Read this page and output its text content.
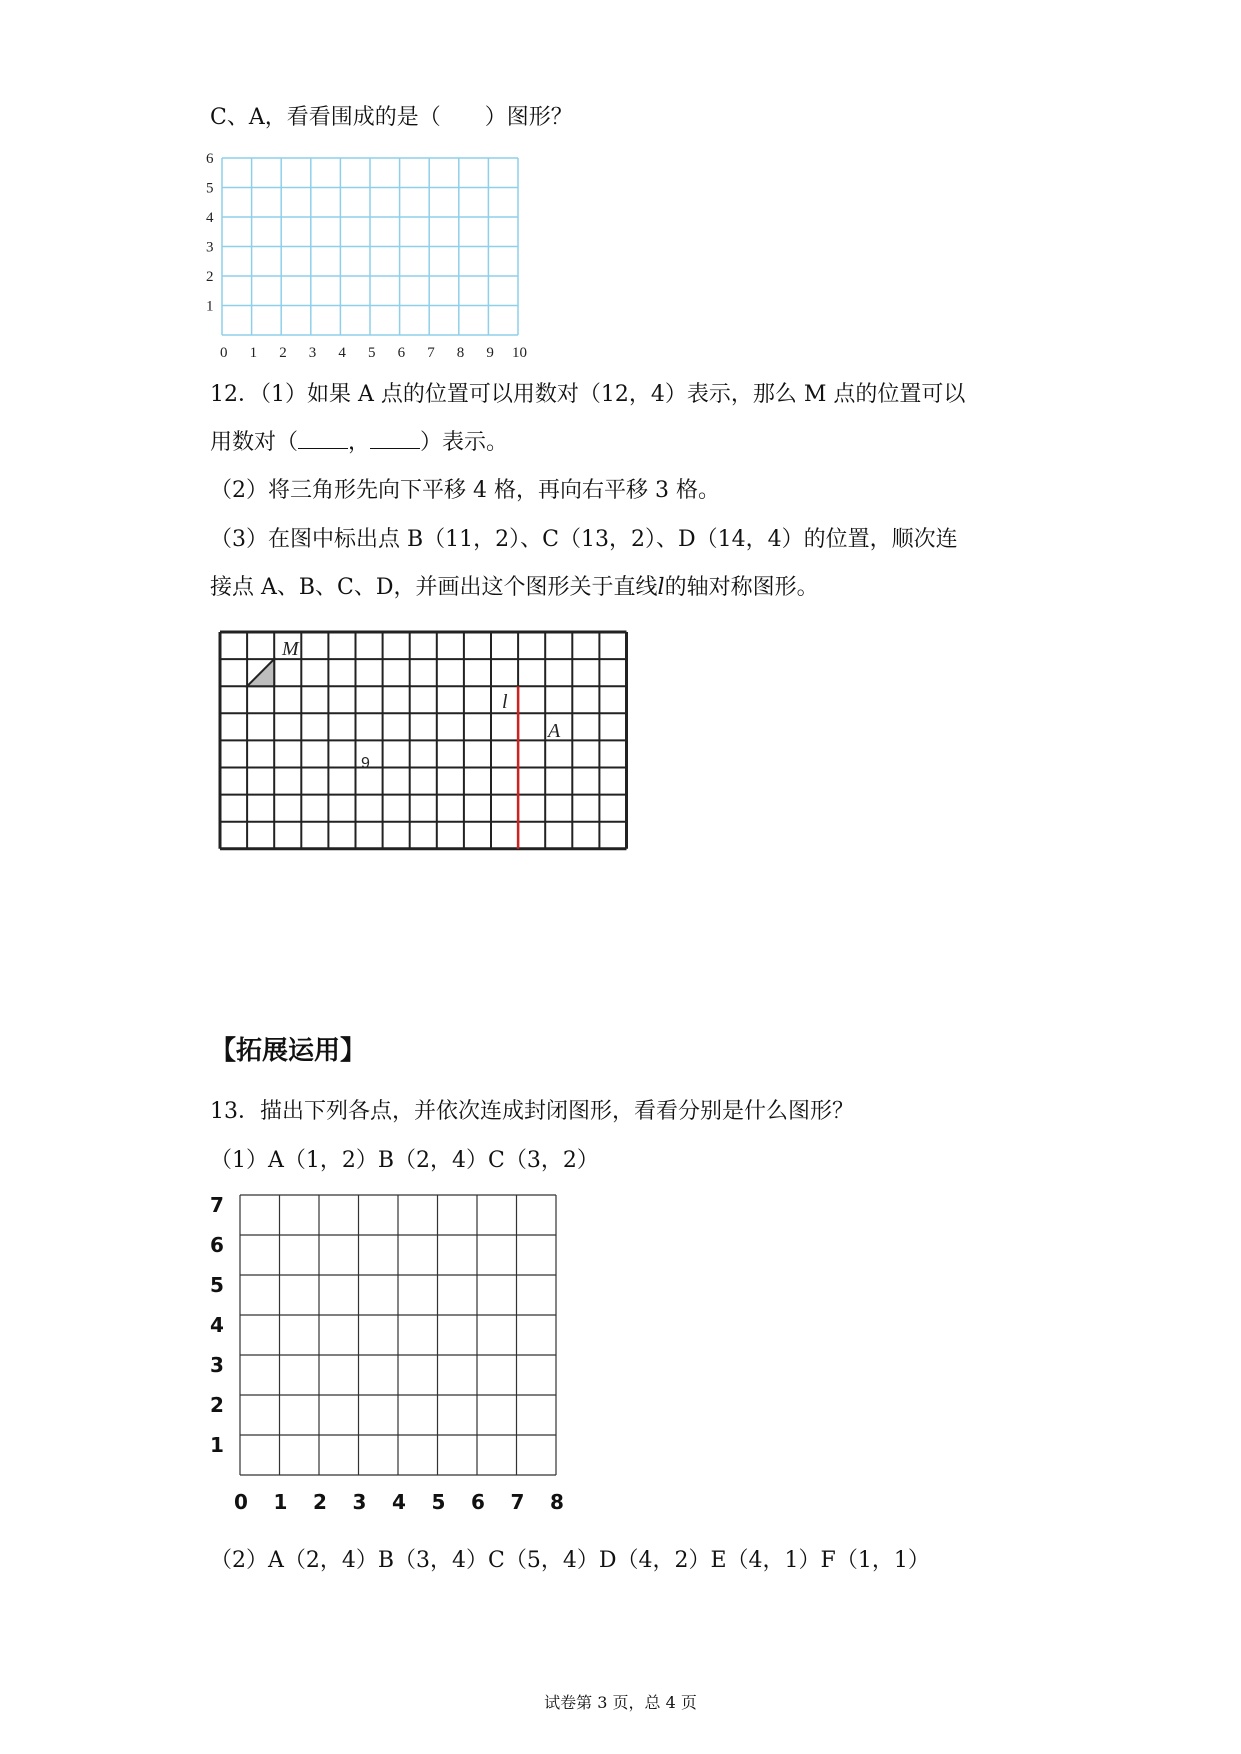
C、A，看看围成的是（　　）图形？
0 1 2 3 4 5 6 7 8 9 10
1
2
3
4
5
6
12．（1）如果 A 点的位置可以用数对（12，4）表示，那么 M 点的位置可以
用数对（ ， ）表示。
（2）将三角形先向下平移 4 格，再向右平移 3 格。
（3）在图中标出点 B（11，2）、C（13，2）、D（14，4）的位置，顺次连
接点 A、B、C、D，并画出这个图形关于直线l的轴对称图形。
M
l
A
9
【拓展运用】
13．描出下列各点，并依次连成封闭图形，看看分别是什么图形？
（1）A（1，2）B（2，4）C（3，2）
0 1 2 3 4 5 6 7 8
1
2
3
4
5
6
7
（2）A（2，4）B（3，4）C（5，4）D（4，2）E（4，1）F（1，1）
试卷第 3 页，总 4 页
